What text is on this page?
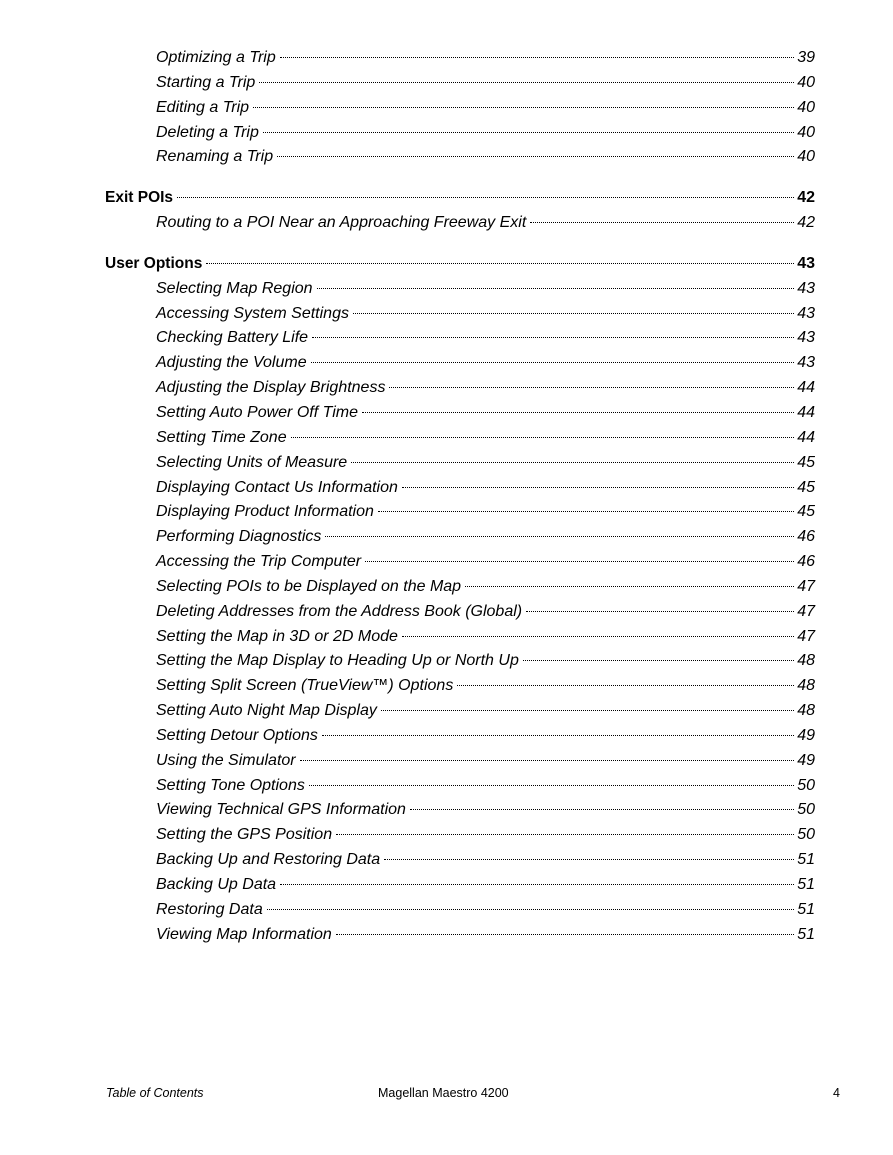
Optimizing a Trip	39
Starting a Trip	40
Editing a Trip	40
Deleting a Trip	40
Renaming a Trip	40
Exit POIs	42
Routing to a POI Near an Approaching Freeway Exit	42
User Options	43
Selecting Map Region	43
Accessing System Settings	43
Checking Battery Life	43
Adjusting the Volume	43
Adjusting the Display Brightness	44
Setting Auto Power Off Time	44
Setting Time Zone	44
Selecting Units of Measure	45
Displaying Contact Us Information	45
Displaying Product Information	45
Performing Diagnostics	46
Accessing the Trip Computer	46
Selecting POIs to be Displayed on the Map	47
Deleting Addresses from the Address Book (Global)	47
Setting the Map in 3D or 2D Mode	47
Setting the Map Display to Heading Up or North Up	48
Setting Split Screen (TrueView™) Options	48
Setting Auto Night Map Display	48
Setting Detour Options	49
Using the Simulator	49
Setting Tone Options	50
Viewing Technical GPS Information	50
Setting the GPS Position	50
Backing Up and Restoring Data	51
Backing Up Data	51
Restoring Data	51
Viewing Map Information	51
Table of Contents	Magellan Maestro 4200	4
